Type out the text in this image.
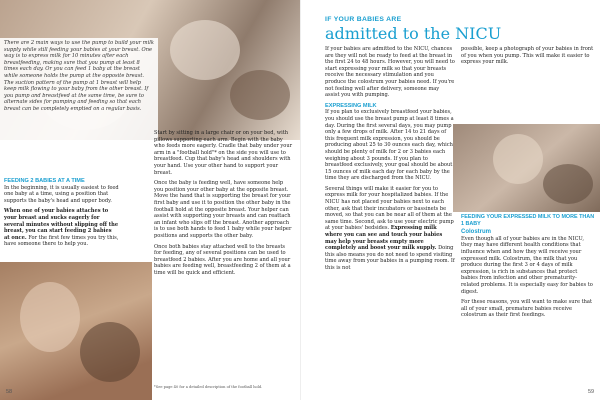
There are 2 main ways to use the pump to build your milk supply while still feeding your babies at your breast. One way is to express milk for 10 minutes after each breastfeeding, making sure that you pump at least 8 times each day. Or you can feed 1 baby at the breast while someone holds the pump at the opposite breast. The suction pattern of the pump at 1 breast will help keep milk flowing to your baby from the other breast. If you pump and breastfeed at the same time, be sure to alternate sides for pumping and feeding so that each breast can be completely emptied on a regular basis.
FEEDING 2 BABIES AT A TIME

In the beginning, it is usually easiest to feed one baby at a time, using a position that supports the baby's head and upper body.

When one of your babies attaches to your breast and sucks eagerly for several minutes without slipping off the breast, you can start feeding 2 babies at once. For the first few times you try this, have someone there to help you.

Start by sitting in a large chair or on your bed, with pillows supporting each arm. Begin with the baby who feeds more eagerly. Cradle that baby under your arm in a "football hold"* on the side you will use to breastfeed. Cup that baby's head and shoulders with your hand. Use your other hand to support your breast.

Once the baby is feeding well, have someone help you position your other baby at the opposite breast. Move the hand that is supporting the breast for your first baby and use it to position the other baby in the football hold at the opposite breast. Your helper can assist with supporting your breasts and can reattach an infant who slips off the breast. Another approach is to use both hands to feed 1 baby while your helper positions and supports the other baby.

Once both babies stay attached well to the breasts for feeding, any of several positions can be used to breastfeed 2 babies. After you are home and all your babies are feeding well, breastfeeding 2 of them at a time will be quick and efficient.

*See page 40 for a detailed description of the football hold.
58
IF YOUR BABIES ARE
admitted to the NICU

If your babies are admitted to the NICU, chances are they will not be ready to feed at the breast in the first 24 to 48 hours. However, you will need to start expressing your milk so that your breasts receive the necessary stimulation and you produce the colostrum your babies need. If you're not feeling well after delivery, someone may assist you with pumping.

EXPRESSING MILK

If you plan to exclusively breastfeed your babies, you should use the breast pump at least 8 times a day. During the first several days, you may pump only a few drops of milk. After 14 to 21 days of this frequent milk expression, you should be producing about 25 to 30 ounces each day, which should be plenty of milk for 2 or 3 babies each weighing about 3 pounds. If you plan to breastfeed exclusively, your goal should be about 15 ounces of milk each day for each baby by the time they are discharged from the NICU.

Several things will make it easier for you to express milk for your hospitalized babies. If the NICU has not placed your babies next to each other, ask that their incubators or bassinets be moved, so that you can be near all of them at the same time. Second, ask to use your electric pump at your babies' bedsides. Expressing milk where you can see and touch your babies may help your breasts empty more completely and boost your milk supply. Doing this also means you do not need to spend visiting time away from your babies in a pumping room. If this is not

possible, keep a photograph of your babies in front of you when you pump. This will make it easier to express your milk.

FEEDING YOUR EXPRESSED MILK TO MORE THAN 1 BABY
Colostrum

Even though all of your babies are in the NICU, they may have different health conditions that influence when and how they will receive your expressed milk. Colostrum, the milk that you produce during the first 3 or 4 days of milk expression, is rich in substances that protect babies from infection and other prematurity-related problems. It is especially easy for babies to digest.

For these reasons, you will want to make sure that all of your small, premature babies receive colostrum as their first feedings.

59
